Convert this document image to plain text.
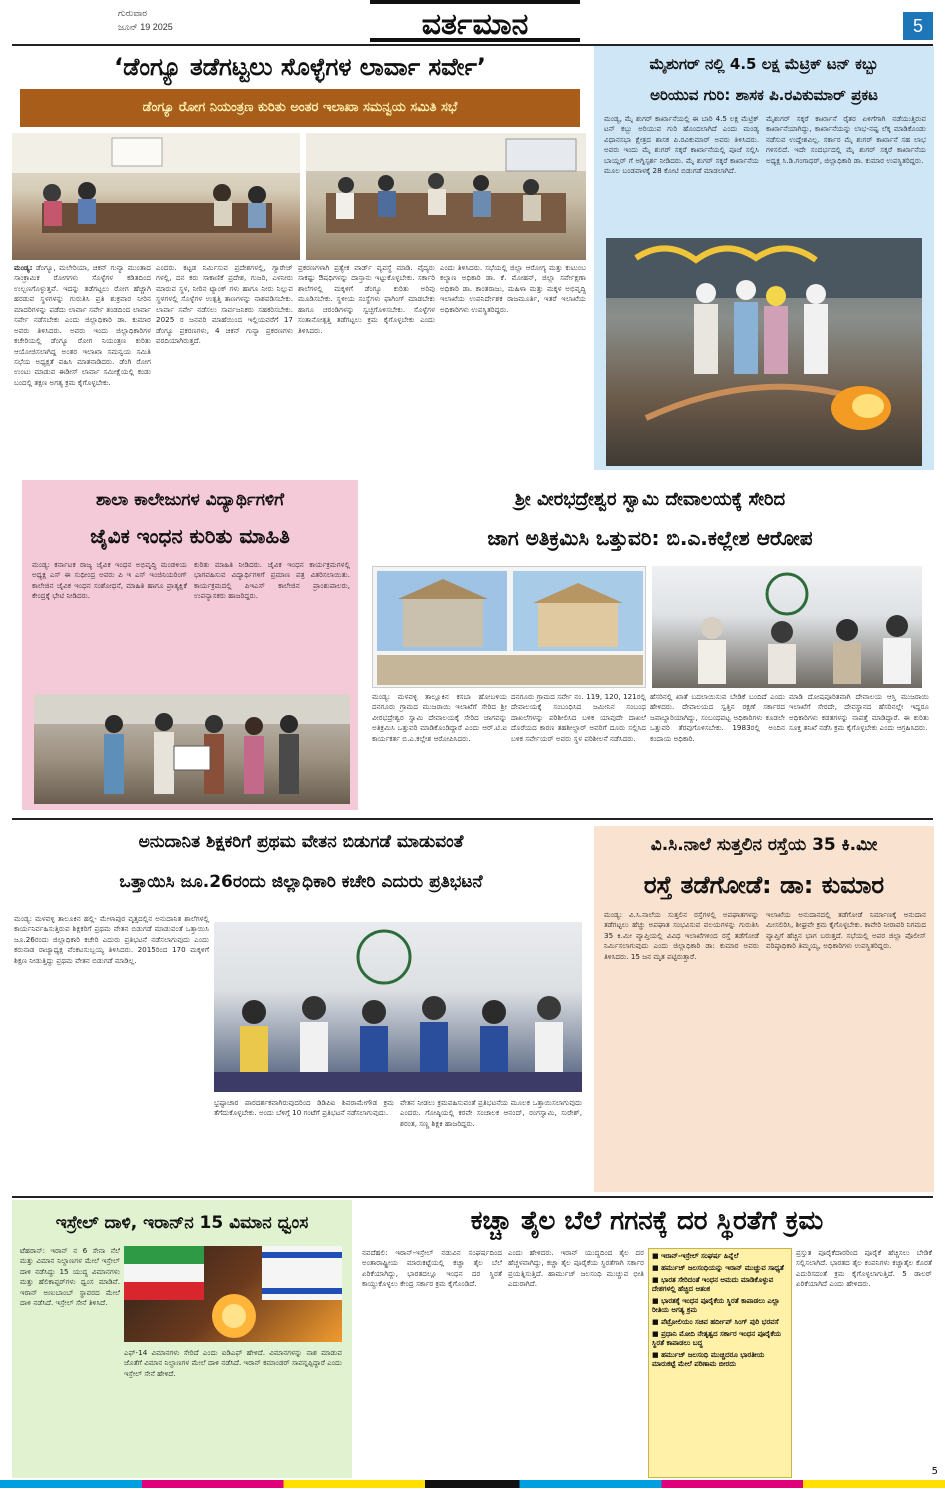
ಗುರುವಾರ
ಜೂನ್ 19 2025	ವರ್ತಮಾನ	5
‘ಡೆಂಗ್ಯೂ ತಡೆಗಟ್ಟಲು ಸೊಳ್ಳೆಗಳ ಲಾರ್ವಾ ಸರ್ವೇ’
ಡೆಂಗ್ಯೂ ರೋಗ ನಿಯಂತ್ರಣ ಕುರಿತು ಅಂತರ ಇಲಾಖಾ ಸಮನ್ವಯ ಸಮಿತಿ ಸಭೆ
ಮಂಡ್ಯ: ಡೆಂಗ್ಯೂ, ಮಲೇರಿಯಾ, ಚಿಕನ್ ಗುನ್ಯಾ ಮುಂತಾದ ಸಾಂಕ್ರಾಮಿಕ ರೋಗಗಳು ಸೊಳ್ಳೆಗಳ ಕಡಿತದಿಂದ ಉಲ್ಬಣಗೊಳ್ಳುತ್ತವೆ. ಇದನ್ನು ತಡೆಗಟ್ಟಲು ರೋಗ ಹೆಚ್ಚಾಗಿ ಹರಡುವ ಸ್ಥಳಗಳನ್ನು ಗುರುತಿಸಿ ಪ್ರತಿ ಶುಕ್ರವಾರ ನೀರಿನ ಮಾದರಿಗಳನ್ನು ಪಡೆದು ಲಾರ್ವಾ ಸರ್ವೇ ತಂಡದಿಂದ ಲಾರ್ವಾ ಸರ್ವೇ ನಡೆಸಬೇಕು ಎಂದು ಜಿಲ್ಲಾಧಿಕಾರಿ ಡಾ. ಕುಮಾರ ಅವರು ತಿಳಿಸಿದರು. ಅವರು ಇಂದು ಜಿಲ್ಲಾಧಿಕಾರಿಗಳ ಕಚೇರಿಯಲ್ಲಿ ಡೆಂಗ್ಯೂ ರೋಗ ನಿಯಂತ್ರಣ ಕುರಿತು ಆಯೋಜಿಸಲಾಗಿದ್ದ ಅಂತರ ಇಲಾಖಾ ಸಮನ್ವಯ ಸಮಿತಿ ಸಭೆಯ ಅಧ್ಯಕ್ಷತೆ ವಹಿಸಿ ಮಾತನಾಡಿದರು. ಡೆಂಗಿ ರೋಗ ಉಂಟು ಮಾಡುವ ಈಡೀಸ್ ಲಾರ್ವಾ ಸಮೀಕ್ಷೆಯಲ್ಲಿ ಕಂಡು ಬಂದಲ್ಲಿ ತಕ್ಷಣ ಅಗತ್ಯ ಕ್ರಮ ಕೈಗೊಳ್ಳಬೇಕು.
ಎಂದರು. ಕಟ್ಟಡ ನಿರ್ಮಿಸುವ ಪ್ರದೇಶಗಳಲ್ಲಿ, ಗ್ಯಾರೇಜ್ ಗಳಲ್ಲಿ, ದನ ಕರು ಸಾಕಾಣಿಕೆ ಪ್ರದೇಶ, ಗುಜರಿ, ಎಳನೀರು ಮಾರುವ ಸ್ಥಳ, ನೀರಿನ ಟ್ಯಾಂಕ್ ಗಳು ಹಾಗೂ ನೀರು ನಿಲ್ಲುವ ಸ್ಥಳಗಳಲ್ಲಿ ಸೊಳ್ಳೆಗಳ ಉತ್ಪತ್ತಿ ತಾಣಗಳನ್ನು ನಾಶಪಡಿಸಬೇಕು. ಲಾರ್ವಾ ಸರ್ವೇ ನಡೆಸಲು ಸಾರ್ವಜನಿಕರು ಸಹಕರಿಸಬೇಕು. 2025 ರ ಜನವರಿ ಮಾಹೆಯಿಂದ ಇಲ್ಲಿಯವರೆಗೆ 17 ಡೆಂಗ್ಯೂ ಪ್ರಕರಣಗಳು, 4 ಚಿಕನ್ ಗುನ್ಯಾ ಪ್ರಕರಣಗಳು ವರದಿಯಾಗಿರುತ್ತದೆ.
ಪ್ರಕರಣಗಳಾಗಿ ಪ್ರತ್ಯೇಕ ವಾರ್ಡ್ ವ್ಯವಸ್ಥೆ ಮಾಡಿ. ವೈದ್ಯರು ಸಾಕಷ್ಟು ಔಷಧಿಗಳನ್ನು ದಾಸ್ತಾನು ಇಟ್ಟುಕೊಳ್ಳಬೇಕು. ಸರ್ಕಾರಿ ಶಾಲೆಗಳಲ್ಲಿ ಮಕ್ಕಳಿಗೆ ಡೆಂಗ್ಯೂ ಕುರಿತು ಅರಿವು ಮೂಡಿಸಬೇಕು. ಸ್ಥಳೀಯ ಸಂಸ್ಥೆಗಳು ಫಾಗಿಂಗ್ ಮಾಡಬೇಕು ಹಾಗೂ ಚರಂಡಿಗಳನ್ನು ಸ್ವಚ್ಛಗೊಳಿಸಬೇಕು. ಸೊಳ್ಳೆಗಳ ಸಂತಾನೋತ್ಪತ್ತಿ ತಡೆಗಟ್ಟಲು ಕ್ರಮ ಕೈಗೊಳ್ಳಬೇಕು ಎಂದು ತಿಳಿಸಿದರು.
ಎಂದು ತಿಳಿಸಿದರು. ಸಭೆಯಲ್ಲಿ ಜಿಲ್ಲಾ ಆರೋಗ್ಯ ಮತ್ತು ಕುಟುಂಬ ಕಲ್ಯಾಣ ಅಧಿಕಾರಿ ಡಾ. ಕೆ. ಮೋಹನ್, ಜಿಲ್ಲಾ ಸರ್ವೇಕ್ಷಣಾ ಅಧಿಕಾರಿ ಡಾ. ಕಾಂತರಾಜು, ಮಹಿಳಾ ಮತ್ತು ಮಕ್ಕಳ ಅಭಿವೃದ್ಧಿ ಇಲಾಖೆಯ ಉಪನಿರ್ದೇಶಕ ರಾಜಮೂರ್ತಿ, ಇತರೆ ಇಲಾಖೆಯ ಅಧಿಕಾರಿಗಳು ಉಪಸ್ಥಿತರಿದ್ದರು.
ಮೈಶುಗರ್ ನಲ್ಲಿ 4.5 ಲಕ್ಷ ಮೆಟ್ರಿಕ್ ಟನ್ ಕಬ್ಬು
ಅರಿಯುವ ಗುರಿ: ಶಾಸಕ ಪಿ.ರವಿಕುಮಾರ್ ಪ್ರಕಟ
ಮಂಡ್ಯ, ಮೈ ಶುಗರ್ ಕಾರ್ಖಾನೆಯಲ್ಲಿ ಈ ಬಾರಿ 4.5 ಲಕ್ಷ ಮೆಟ್ರಿಕ್ ಟನ್ ಕಬ್ಬು ಅರಿಯುವ ಗುರಿ ಹೊಂದಲಾಗಿದೆ ಎಂದು ಮಂಡ್ಯ ವಿಧಾನಸಭಾ ಕ್ಷೇತ್ರದ ಶಾಸಕ ಪಿ.ರವಿಕುಮಾರ್ ಅವರು ತಿಳಿಸಿದರು. ಅವರು ಇಂದು ಮೈ ಶುಗರ್ ಸಕ್ಕರೆ ಕಾರ್ಖಾನೆಯಲ್ಲಿ ಪೂಜೆ ಸಲ್ಲಿಸಿ ಬಾಯ್ಲರ್ ಗೆ ಅಗ್ನಿಸ್ಪರ್ಶ ನೀಡಿದರು. ಮೈ ಶುಗರ್ ಸಕ್ಕರೆ ಕಾರ್ಖಾನೆಯ ಮೂಲ ಬಂಡವಾಳಕ್ಕೆ 28 ಕೋಟಿ ಬಿಡುಗಡೆ ಮಾಡಲಾಗಿದೆ.
ಮೈಶುಗರ್ ಸಕ್ಕರೆ ಕಾರ್ಖಾನೆ ರೈತರ ಏಳಿಗೆಗಾಗಿ ನಡೆಯುತ್ತಿರುವ ಕಾರ್ಖಾನೆಯಾಗಿದ್ದು, ಕಾರ್ಖಾನೆಯನ್ನು ಲಾಭ-ನಷ್ಟ ಲೆಕ್ಕ ಮಾಡಿಕೊಂಡು ನಡೆಸುವ ಉದ್ದೇಶವಿಲ್ಲ. ಸರ್ಕಾರ ಮೈ ಶುಗರ್ ಕಾರ್ಖಾನೆ ಸಹ ಲಾಭ ಗಳಿಸಲಿದೆ. ಇದೇ ಸಂದರ್ಭದಲ್ಲಿ ಮೈ ಶುಗರ್ ಸಕ್ಕರೆ ಕಾರ್ಖಾನೆಯ ಅಧ್ಯಕ್ಷ ಸಿ.ಡಿ.ಗಂಗಾಧರ್, ಜಿಲ್ಲಾಧಿಕಾರಿ ಡಾ. ಕುಮಾರ ಉಪಸ್ಥಿತರಿದ್ದರು.
ಶಾಲಾ ಕಾಲೇಜುಗಳ ವಿದ್ಯಾರ್ಥಿಗಳಿಗೆ
ಜೈವಿಕ ಇಂಧನ ಕುರಿತು ಮಾಹಿತಿ
ಮಂಡ್ಯ: ಕರ್ನಾಟಕ ರಾಜ್ಯ ಜೈವಿಕ ಇಂಧನ ಅಭಿವೃದ್ಧಿ ಮಂಡಳಿಯ ಅಧ್ಯಕ್ಷ ಎಸ್ ಈ ಸುಧೀಂದ್ರ ಅವರು ಪಿ ಇ ಎಸ್ ಇಂಜಿನಿಯರಿಂಗ್ ಕಾಲೇಜಿನ ಜೈವಿಕ ಇಂಧನ ಸಂಶೋಧನೆ, ಮಾಹಿತಿ ಹಾಗೂ ಪ್ರಾತ್ಯಕ್ಷಿಕೆ ಕೇಂದ್ರಕ್ಕೆ ಭೇಟಿ ನೀಡಿದರು.
ಕುರಿತು ಮಾಹಿತಿ ನೀಡಿದರು. ಜೈವಿಕ ಇಂಧನ ಕಾರ್ಯಕ್ರಮಗಳಲ್ಲಿ ಭಾಗವಹಿಸುವ ವಿದ್ಯಾರ್ಥಿಗಳಿಗೆ ಪ್ರಮಾಣ ಪತ್ರ ವಿತರಿಸಲಾಯಿತು. ಕಾರ್ಯಕ್ರಮದಲ್ಲಿ ಪಿಇಎಸ್ ಕಾಲೇಜಿನ ಪ್ರಾಂಶುಪಾಲರು, ಉಪನ್ಯಾಸಕರು ಹಾಜರಿದ್ದರು.
ಶ್ರೀ ವೀರಭದ್ರೇಶ್ವರ ಸ್ವಾಮಿ ದೇವಾಲಯಕ್ಕೆ ಸೇರಿದ
ಜಾಗ ಅತಿಕ್ರಮಿಸಿ ಒತ್ತುವರಿ: ಬಿ.ಎ.ಕಲ್ಲೇಶ ಆರೋಪ
ಮಂಡ್ಯ: ಮಳವಳ್ಳಿ ತಾಲ್ಲೂಕಿನ ಕಸಬಾ ಹೋಬಳಿಯ ದನಗೂರು ಗ್ರಾಮದ ಮುಜರಾಯಿ ಇಲಾಖೆಗೆ ಸೇರಿದ ಶ್ರೀ ವೀರಭದ್ರೇಶ್ವರ ಸ್ವಾಮಿ ದೇವಾಲಯಕ್ಕೆ ಸೇರಿದ ಜಾಗವನ್ನು ಅತಿಕ್ರಮಿಸಿ ಒತ್ತುವರಿ ಮಾಡಿಕೊಂಡಿದ್ದಾರೆ ಎಂದು ಆರ್.ಟಿ.ಐ ಕಾರ್ಯಕರ್ತ ಬಿ.ಎ.ಕಲ್ಲೇಶ ಆರೋಪಿಸಿದರು.
ದನಗೂರು ಗ್ರಾಮದ ಸರ್ವೇ ನಂ. 119, 120, 121ರಲ್ಲಿ ದೇವಾಲಯಕ್ಕೆ ಸಂಬಂಧಿಸಿದ ಜಮೀನಿನ ಸಂಬಂಧ ದಾಖಲೆಗಳನ್ನು ಪರಿಶೀಲಿಸಿದ ಬಳಿಕ ಯಾವುದೇ ದಾಖಲೆ ದೊರೆಯದ ಕಾರಣ ತಹಶೀಲ್ದಾರ್ ಅವರಿಗೆ ದೂರು ಸಲ್ಲಿಸಿದ ಬಳಿಕ ಸರ್ವೇಯರ್ ಅವರು ಸ್ಥಳ ಪರಿಶೀಲನೆ ನಡೆಸಿದರು.
ಹೆಸರಿನಲ್ಲಿ ಖಾತೆ ಬದಲಾಯಿಸುವ ಬೇಡಿಕೆ ಬಂದಿದೆ ಎಂದು ಹೇಳಿದರು. ದೇವಾಲಯದ ಸ್ವತ್ತಿನ ರಕ್ಷಣೆ ಸರ್ಕಾರದ ಜವಾಬ್ದಾರಿಯಾಗಿದ್ದು, ಸಂಬಂಧಪಟ್ಟ ಅಧಿಕಾರಿಗಳು ಕೂಡಲೇ ಒತ್ತುವರಿ ತೆರವುಗೊಳಿಸಬೇಕು. 1983ರಲ್ಲಿ ಅಂದಿನ ಕಂದಾಯ ಅಧಿಕಾರಿ.
ಮಾಡಿ ದೋಷಪೂರಿತವಾಗಿ ದೇವಾಲಯ ಆಸ್ತಿ ಮುಜರಾಯಿ ಇಲಾಖೆಗೆ ಸೇರದೇ, ದೇವಸ್ಥಾನದ ಹೆಸರಿನಲ್ಲೇ ಇದ್ದರೂ ಅಧಿಕಾರಿಗಳು ಕಡತಗಳನ್ನು ನಾಪತ್ತೆ ಮಾಡಿದ್ದಾರೆ. ಈ ಕುರಿತು ಸೂಕ್ತ ತನಿಖೆ ನಡೆಸಿ ಕ್ರಮ ಕೈಗೊಳ್ಳಬೇಕು ಎಂದು ಆಗ್ರಹಿಸಿದರು.
ಅನುದಾನಿತ ಶಿಕ್ಷಕರಿಗೆ ಪ್ರಥಮ ವೇತನ ಬಿಡುಗಡೆ ಮಾಡುವಂತೆ
ಒತ್ತಾಯಿಸಿ ಜೂ.26ರಂದು ಜಿಲ್ಲಾಧಿಕಾರಿ ಕಚೇರಿ ಎದುರು ಪ್ರತಿಭಟನೆ
ಮಂಡ್ಯ: ಮಳವಳ್ಳಿ ತಾಲೂಕಿನ ಹಲ್ಲಿ- ಮೇಳಾಪುರ ವೃತ್ತದಲ್ಲಿನ ಅನುದಾನಿತ ಶಾಲೆಗಳಲ್ಲಿ ಕಾರ್ಯನಿರ್ವಹಿಸುತ್ತಿರುವ ಶಿಕ್ಷಕರಿಗೆ ಪ್ರಥಮ ವೇತನ ಬಿಡುಗಡೆ ಮಾಡುವಂತೆ ಒತ್ತಾಯಿಸಿ ಜೂ.26ರಂದು ಜಿಲ್ಲಾಧಿಕಾರಿ ಕಚೇರಿ ಎದುರು ಪ್ರತಿಭಟನೆ ನಡೆಸಲಾಗುವುದು ಎಂದು ಕರುನಾಡ ರಾಜ್ಯಾಧ್ಯಕ್ಷ ವೆಂಕಟಸುಬ್ಬಯ್ಯ ತಿಳಿಸಿದರು. 2015ರಿಂದ 170 ಮಕ್ಕಳಿಗೆ ಶಿಕ್ಷಣ ನೀಡುತ್ತಿದ್ದು ಪ್ರಥಮ ವೇತನ ಬಿಡುಗಡೆ ಮಾಡಿಲ್ಲ.
ಭ್ರಷ್ಟಾಚಾರ ಪಾರದರ್ಶಕವಾಗಿರುವುದರಿಂದ ಡಿಡಿಪಿಐ ಶಿವರಾಮೇಗೌಡ ಕ್ರಮ ತೆಗೆದುಕೊಳ್ಳಬೇಕು. ಅಂದು ಬೆಳಿಗ್ಗೆ 10 ಗಂಟೆಗೆ ಪ್ರತಿಭಟನೆ ನಡೆಸಲಾಗುವುದು.
ವೇತನ ನೀಡಲು ಕ್ರಮವಹಿಸುವಂತೆ ಪ್ರತಿಭಟನೆಯ ಮೂಲಕ ಒತ್ತಾಯಿಸಲಾಗುವುದು ಎಂದರು. ಗೋಷ್ಠಿಯಲ್ಲಿ ಕರವೇ ಸಂಚಾಲಕ ಆನಂದ್, ರಂಗಸ್ವಾಮಿ, ಸುರೇಶ್, ಶರಂತ, ಸಣ್ಣ ಶಿಕ್ಷಕಿ ಹಾಜರಿದ್ದರು.
ವಿ.ಸಿ.ನಾಲೆ ಸುತ್ತಲಿನ ರಸ್ತೆಯ 35 ಕಿ.ಮೀ
ರಸ್ತೆ ತಡೆಗೋಡೆ: ಡಾ: ಕುಮಾರ
ಮಂಡ್ಯ: ವಿ.ಸಿ.ನಾಲೆಯ ಸುತ್ತಲಿನ ರಸ್ತೆಗಳಲ್ಲಿ ಅಪಘಾತಗಳನ್ನು ತಡೆಗಟ್ಟಲು ಹೆಚ್ಚು ಅಪಘಾತ ಸಂಭವಿಸುವ ವಲಯಗಳನ್ನು ಗುರುತಿಸಿ 35 ಕಿ.ಮೀ ವ್ಯಾಪ್ತಿಯಲ್ಲಿ ವಿವಿಧ ಇಲಾಖೆಗಳಿಂದ ರಸ್ತೆ ತಡೆಗೋಡೆ ನಿರ್ಮಿಸಲಾಗುವುದು ಎಂದು ಜಿಲ್ಲಾಧಿಕಾರಿ ಡಾ: ಕುಮಾರ ಅವರು ತಿಳಿಸಿದರು. 15 ಜನ ಮೃತ ಪಟ್ಟಿರುತ್ತಾರೆ.
ಇಲಾಖೆಯ ಅನುದಾನದಲ್ಲಿ ತಡೆಗೋಡೆ ನಿರ್ಮಾಣಕ್ಕೆ ಅನುದಾನ ಮೀಸಲಿರಿಸಿ, ಶೀಘ್ರವೇ ಕ್ರಮ ಕೈಗೊಳ್ಳಬೇಕು. ಕಾವೇರಿ ನೀರಾವರಿ ನಿಗಮದ ವ್ಯಾಪ್ತಿಗೆ ಹೆಚ್ಚಿನ ಭಾಗ ಬರುತ್ತದೆ. ಸಭೆಯಲ್ಲಿ ಅಪರ ಜಿಲ್ಲಾ ಪೊಲೀಸ್ ವರಿಷ್ಠಾಧಿಕಾರಿ ತಿಮ್ಮಯ್ಯ, ಅಧಿಕಾರಿಗಳು ಉಪಸ್ಥಿತರಿದ್ದರು.
ಇಸ್ರೇಲ್ ದಾಳಿ, ಇರಾನ್‌ನ 15 ವಿಮಾನ ಧ್ವಂಸ
ಟೆಹರಾನ್: ಇರಾನ್ ನ 6 ಸೇನಾ ನೆಲೆ ಮತ್ತು ವಿಮಾನ ನಿಲ್ದಾಣಗಳ ಮೇಲೆ ಇಸ್ರೇಲ್ ದಾಳಿ ನಡೆಸಿದ್ದು 15 ಯುದ್ಧ ವಿಮಾನಗಳು ಮತ್ತು ಹೆಲಿಕಾಪ್ಟರ್‌ಗಳು ಧ್ವಂಸ ಮಾಡಿವೆ. ಇರಾನ್ ಅಣುಬಾಂಬ್ ಸ್ಥಾವರದ ಮೇಲೆ ದಾಳಿ ನಡೆಸಿದೆ. ಇಸ್ರೇಲ್ ಸೇನೆ ತಿಳಿಸಿದೆ.
ಎಫ್-14 ವಿಮಾನಗಳು ಸೇರಿದೆ ಎಂದು ಐಡಿಎಫ್ ಹೇಳಿದೆ. ವಿಮಾನಗಳನ್ನು ನಾಶ ಮಾಡುವ ಜೊತೆಗೆ ವಿಮಾನ ನಿಲ್ದಾಣಗಳ ಮೇಲೆ ದಾಳಿ ನಡೆಸಿದೆ. ಇರಾನ್ ಕಮಾಂಡರ್ ಸಾವನ್ನಪ್ಪಿದ್ದಾರೆ ಎಂದು ಇಸ್ರೇಲ್ ಸೇನೆ ಹೇಳಿದೆ.
ಕಚ್ಚಾ ತೈಲ ಬೆಲೆ ಗಗನಕ್ಕೆ ದರ ಸ್ಥಿರತೆಗೆ ಕ್ರಮ
ನವದೆಹಲಿ: ಇರಾನ್-ಇಸ್ರೇಲ್ ನಡುವಿನ ಸಂಘರ್ಷದಿಂದ ಅಂತಾರಾಷ್ಟ್ರೀಯ ಮಾರುಕಟ್ಟೆಯಲ್ಲಿ ಕಚ್ಚಾ ತೈಲ ಬೆಲೆ ಏರಿಕೆಯಾಗಿದ್ದು, ಭಾರತದಲ್ಲೂ ಇಂಧನ ದರ ಸ್ಥಿರತೆ ಕಾಯ್ದುಕೊಳ್ಳಲು ಕೇಂದ್ರ ಸರ್ಕಾರ ಕ್ರಮ ಕೈಗೊಂಡಿದೆ.
ಎಂದು ಹೇಳಿದರು. ಇರಾನ್ ಯುದ್ಧದಿಂದ ತೈಲ ದರ ಹೆಚ್ಚಳವಾಗಿದ್ದು, ಕಚ್ಚಾ ತೈಲ ಪೂರೈಕೆಯ ಸ್ಥಿರತೆಗಾಗಿ ಸರ್ಕಾರ ಪ್ರಯತ್ನಿಸುತ್ತಿದೆ. ಹಾರ್ಮುಜ್ ಜಲಸಂಧಿ ಮುಚ್ಚುವ ಭೀತಿ ಎದುರಾಗಿದೆ.
■ ಇರಾನ್-ಇಸ್ರೇಲ್ ಸಂಘರ್ಷ ಹಿನ್ನೆಲೆ
■ ಹರ್ಮುಜ್ ಜಲಸಂಧಿಯನ್ನು ಇರಾನ್ ಮುಚ್ಚುವ ಸಾಧ್ಯತೆ
■ ಭಾರತ ಸೇರಿದಂತೆ ಇಂಧನ ಆಮದು ಮಾಡಿಕೊಳ್ಳುವ ದೇಶಗಳಲ್ಲಿ ಹೆಚ್ಚಿದ ಆತಂಕ
■ ಭಾರತಕ್ಕೆ ಇಂಧನ ಪೂರೈಕೆಯ ಸ್ಥಿರತೆ ಕಾಪಾಡಲು ಎಲ್ಲಾ ರೀತಿಯ ಅಗತ್ಯ ಕ್ರಮ
■ ಪೆಟ್ರೋಲಿಯಂ ಸಚಿವ ಹರ್ದೀಪ್ ಸಿಂಗ್ ಪುರಿ ಭರವಸೆ
■ ಪ್ರಧಾನಿ ಮೋದಿ ನೇತೃತ್ವದ ಸರ್ಕಾರ ಇಂಧನ ಪೂರೈಕೆಯ ಸ್ಥಿರತೆ ಕಾಪಾಡಲು ಬದ್ಧ
■ ಹರ್ಮುಜ್ ಜಲಸಂಧಿ ಮುಚ್ಚಿದರೂ ಭಾರತೀಯ ಮಾರುಕಟ್ಟೆ ಮೇಲೆ ಪರಿಣಾಮ ಬೀರದು
ಪ್ರಸ್ತುತ ಪೂರೈಕೆದಾರರಿಂದ ಪೂರೈಕೆ ಹೆಚ್ಚಿಸಲು ಬೇಡಿಕೆ ಸಲ್ಲಿಸಲಾಗಿದೆ. ಭಾರತದ ತೈಲ ಕಂಪನಿಗಳು ಕಚ್ಚಾತೈಲ ಕೊರತೆ ಎದುರಿಸದಂತೆ ಕ್ರಮ ಕೈಗೊಳ್ಳಲಾಗುತ್ತಿದೆ. 5 ಡಾಲರ್ ಏರಿಕೆಯಾಗಿದೆ ಎಂದು ಹೇಳಿದರು.
5
